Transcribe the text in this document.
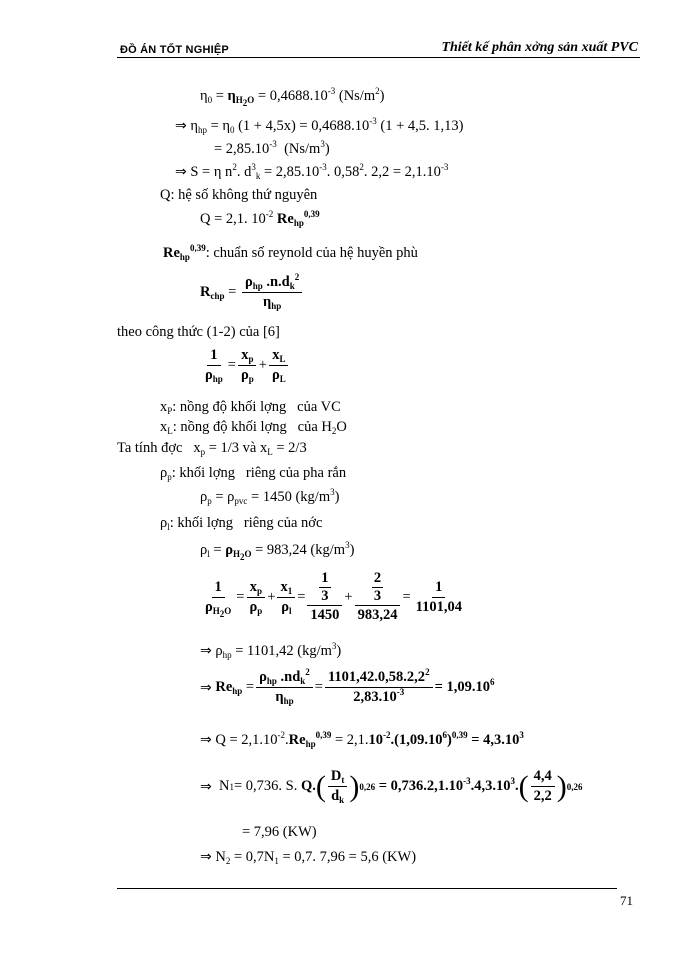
ĐỒ ÁN TỐT NGHIỆP	Thiết kế phân xởng sản xuất PVC
$\eta_0 = \eta_{H_2O} = 0,4688.10^{-3}$ $(Ns/m^2)$
⇒ $\eta_{hp} = \eta_0$ $(1 + 4,5x) = 0,4688.10^{-3}$ (1 + 4,5. 1,13)
= $2,85.10^{-3}$  $(Ns/m^3)$
⇒ S = η $n^2$. $d^3_k = 2,85.10^{-3}$. 0,58$^2$. $2,2 = 2,1.10^{-3}$
Q: hệ số không thứ nguyên
Q = 2,1. $10^{-2}$ $Re_{hp}^{0,39}$
$Re_{hp}^{0,39}$: chuẩn số reynold của hệ huyền phù
$R_{chp} = \frac{\rho_{hp} .n.d_k^2}{\eta_{hp}}$
theo công thức (1-2) của [6]
$\frac{1}{\rho_{hp}} = \frac{x_p}{\rho_p} + \frac{x_L}{\rho_L}$
$x_P$: nồng độ khối lợng   của VC
$x_L$: nồng độ khối lợng   của $H_2O$
Ta tính đợc   $x_p = 1/3$ và $x_L = 2/3$
$\rho_p$: khối lợng   riêng của pha rắn
$\rho_p = \rho_{pvc} = 1450$ $(kg/m^3)$
$\rho_l$: khối lợng   riêng của nớc
$\rho_l = \rho_{H_2O} = 983,24$ $(kg/m^3)$
$\frac{1}{\rho_{H_2O}} = \frac{x_p}{\rho_p} + \frac{x_1}{\rho_l} = 1$
3
1450 + 2
3
$983,24 = \frac{1}{1101,04}$
⇒ $\rho_{hp} = 1101,42$ $(kg/m^3)$
⇒
$Re_{hp} = \frac{\rho_{hp} .nd_k^2}{\eta_{hp}} = \frac{1101,42.0,58.2,2^2}{2,83.10^{-3}} = 1,09.10^6$
⇒ $Q = 2,1.10^{-2}.Re_{hp}^{0,39} = 2,1.10^{-2}.(1,09.10^6)^{0,39} = 4,3.10^3$
⇒ N 1 = 0,736. S. Q. ( $\frac{D_t}{d_k}$ ) $0,26 = 0,736.2,1.10^{-3}.4,3.10^3$. ( $\frac{4,4}{2,2}$ ) 0,26
= 7,96 (KW)
⇒ $N_2 = 0,7N_1 = 0,7$. 7,96 = 5,6 (KW)
71
